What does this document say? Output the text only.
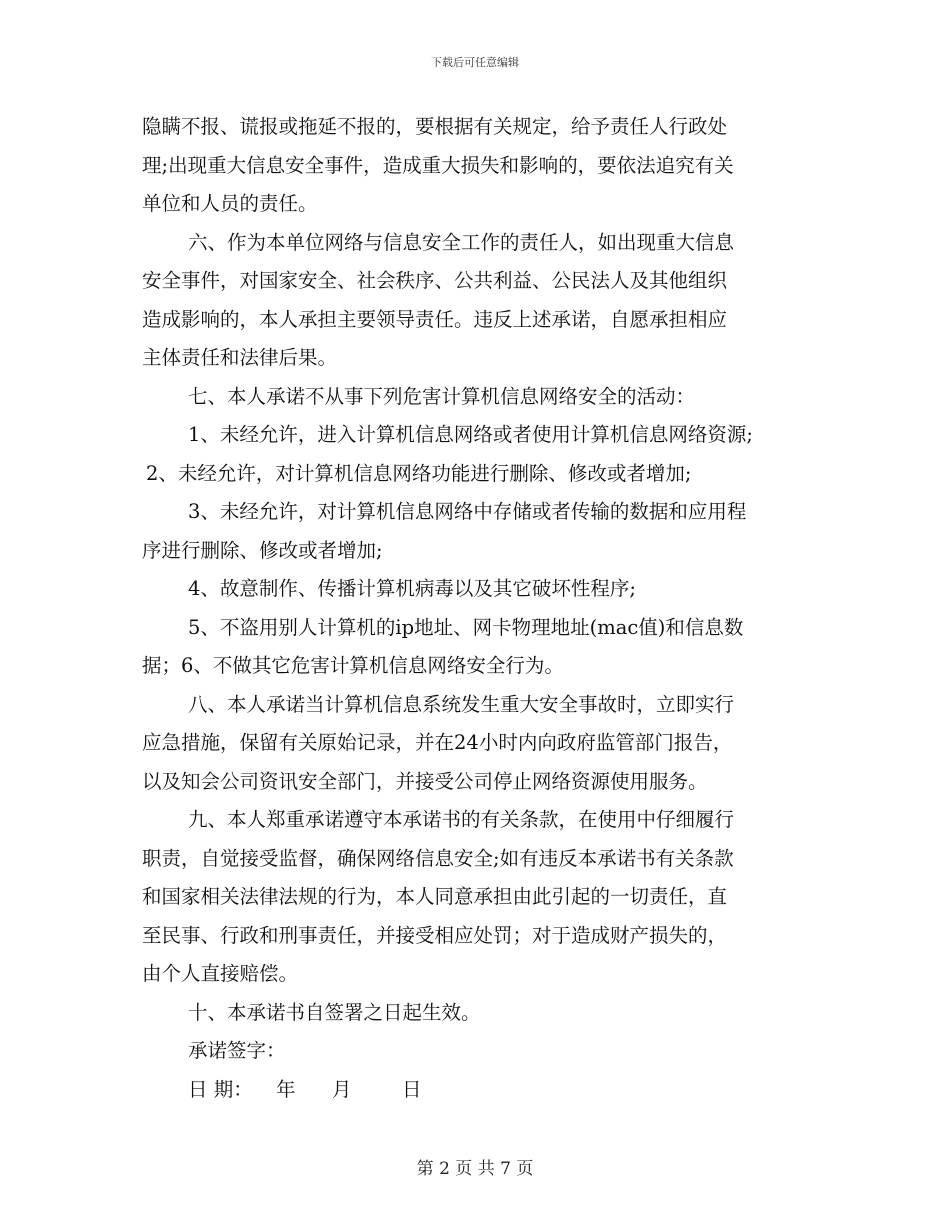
下载后可任意编辑
隐瞒不报、谎报或拖延不报的，要根据有关规定，给予责任人行政处
理;出现重大信息安全事件，造成重大损失和影响的，要依法追究有关
单位和人员的责任。
六、作为本单位网络与信息安全工作的责任人，如出现重大信息
安全事件，对国家安全、社会秩序、公共利益、公民法人及其他组织
造成影响的，本人承担主要领导责任。违反上述承诺，自愿承担相应
主体责任和法律后果。
七、本人承诺不从事下列危害计算机信息网络安全的活动：
1、未经允许，进入计算机信息网络或者使用计算机信息网络资源;
2、未经允许，对计算机信息网络功能进行删除、修改或者增加;
3、未经允许，对计算机信息网络中存储或者传输的数据和应用程
序进行删除、修改或者增加;
4、故意制作、传播计算机病毒以及其它破坏性程序;
5、不盗用别人计算机的ip地址、网卡物理地址(mac值)和信息数
据；6、不做其它危害计算机信息网络安全行为。
八、本人承诺当计算机信息系统发生重大安全事故时，立即实行
应急措施，保留有关原始记录，并在24小时内向政府监管部门报告，
以及知会公司资讯安全部门，并接受公司停止网络资源使用服务。
九、本人郑重承诺遵守本承诺书的有关条款，在使用中仔细履行
职责，自觉接受监督，确保网络信息安全;如有违反本承诺书有关条款
和国家相关法律法规的行为，本人同意承担由此引起的一切责任，直
至民事、行政和刑事责任，并接受相应处罚；对于造成财产损失的，
由个人直接赔偿。
十、本承诺书自签署之日起生效。
承诺签字：
日 期： 年 月	日
第 2 页 共 7 页
